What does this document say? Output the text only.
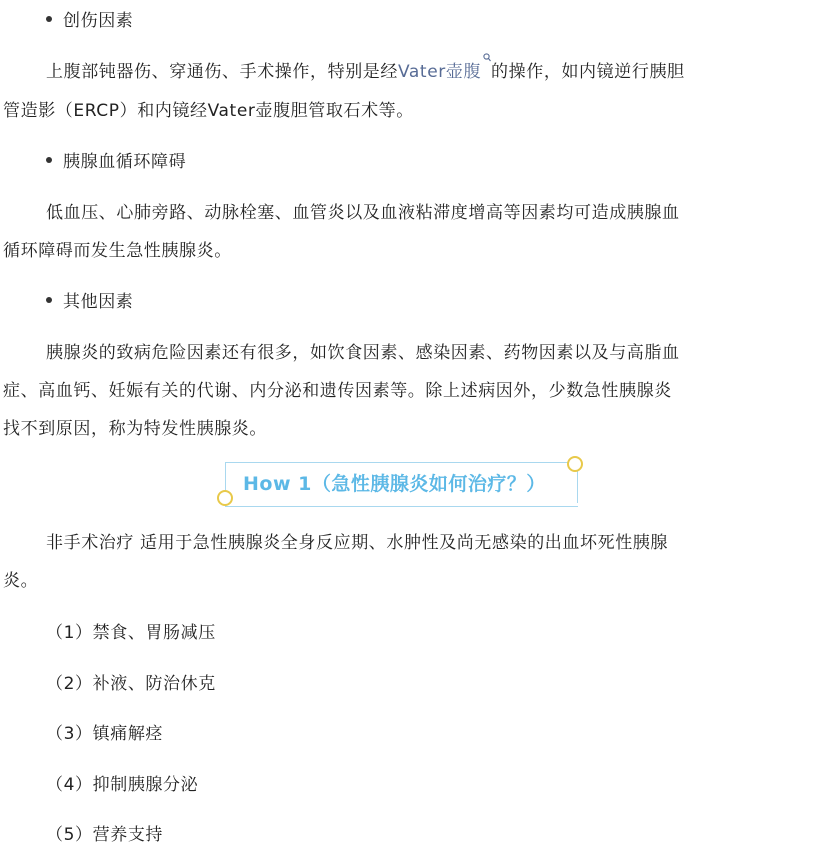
创伤因素
上腹部钝器伤、穿通伤、手术操作，特别是经Vater壶腹 的操作，如内镜逆行胰胆
管造影（ERCP）和内镜经Vater壶腹胆管取石术等。
胰腺血循环障碍
低血压、心肺旁路、动脉栓塞、血管炎以及血液粘滞度增高等因素均可造成胰腺血
循环障碍而发生急性胰腺炎。
其他因素
胰腺炎的致病危险因素还有很多，如饮食因素、感染因素、药物因素以及与高脂血
症、高血钙、妊娠有关的代谢、内分泌和遗传因素等。除上述病因外，少数急性胰腺炎
找不到原因，称为特发性胰腺炎。
How 1（急性胰腺炎如何治疗？）
非手术治疗 适用于急性胰腺炎全身反应期、水肿性及尚无感染的出血坏死性胰腺
炎。
（1）禁食、胃肠减压
（2）补液、防治休克
（3）镇痛解痉
（4）抑制胰腺分泌
（5）营养支持
